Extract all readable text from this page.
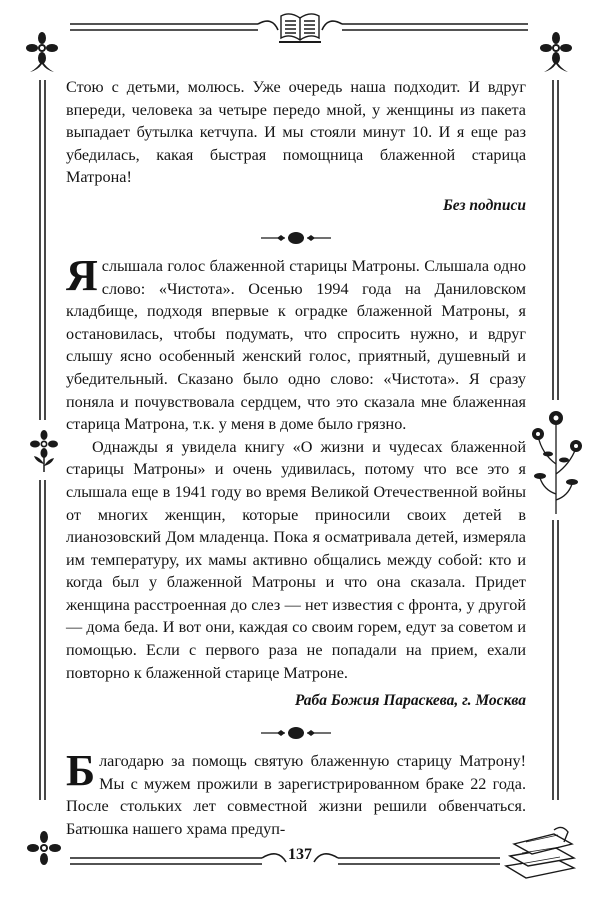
Стою с детьми, молюсь. Уже очередь наша подходит. И вдруг впереди, человека за четыре передо мной, у женщины из пакета выпадает бутылка кетчупа. И мы стояли минут 10. И я еще раз убедилась, какая быстрая помощница блаженной старица Матрона!

Без подписи

Яслышала голос блаженной старицы Матроны. Слышала одно слово: «Чистота». Осенью 1994 года на Даниловском кладбище, подходя впервые к оградке блаженной Матроны, я остановилась, чтобы подумать, что спросить нужно, и вдруг слышу ясно особенный женский голос, приятный, душевный и убедительный. Сказано было одно слово: «Чистота». Я сразу поняла и почувствовала сердцем, что это сказала мне блаженная старица Матрона, т.к. у меня в доме было грязно.

Однажды я увидела книгу «О жизни и чудесах блаженной старицы Матроны» и очень удивилась, потому что все это я слышала еще в 1941 году во время Великой Отечественной войны от многих женщин, которые приносили своих детей в лианозовский Дом младенца. Пока я осматривала детей, измеряла им температуру, их мамы активно общались между собой: кто и когда был у блаженной Матроны и что она сказала. Придет женщина расстроенная до слез — нет известия с фронта, у другой — дома беда. И вот они, каждая со своим горем, едут за советом и помощью. Если с первого раза не попадали на прием, ехали повторно к блаженной старице Матроне.

Раба Божия Параскева, г. Москва

Благодарю за помощь святую блаженную старицу Матрону! Мы с мужем прожили в зарегистрированном браке 22 года. После стольких лет совместной жизни решили обвенчаться. Батюшка нашего храма предуп-

137
